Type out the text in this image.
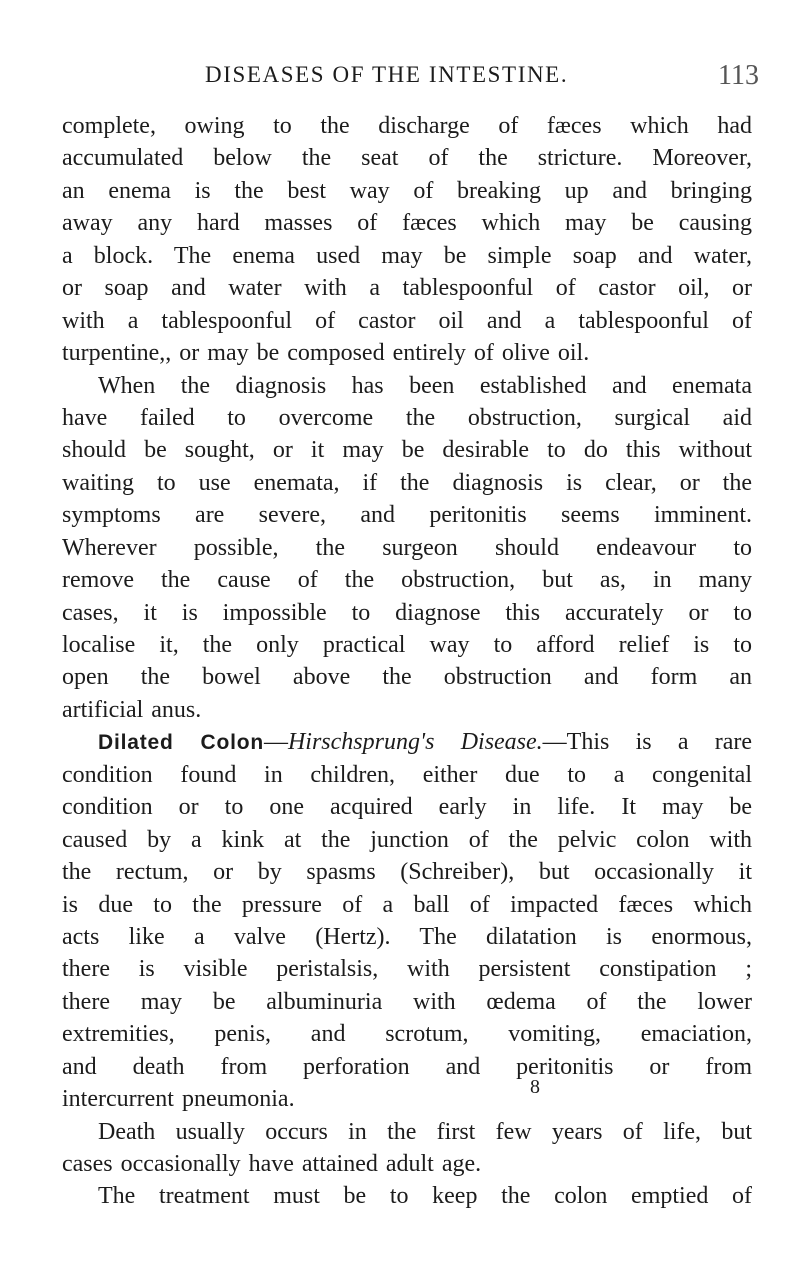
DISEASES OF THE INTESTINE.	113
complete, owing to the discharge of fæces which had
accumulated below the seat of the stricture. Moreover,
an enema is the best way of breaking up and bringing
away any hard masses of fæces which may be causing
a block. The enema used may be simple soap and water,
or soap and water with a tablespoonful of castor oil, or
with a tablespoonful of castor oil and a tablespoonful of
turpentine,, or may be composed entirely of olive oil.
When the diagnosis has been established and enemata
have failed to overcome the obstruction, surgical aid
should be sought, or it may be desirable to do this without
waiting to use enemata, if the diagnosis is clear, or the
symptoms are severe, and peritonitis seems imminent.
Wherever possible, the surgeon should endeavour to
remove the cause of the obstruction, but as, in many
cases, it is impossible to diagnose this accurately or to
localise it, the only practical way to afford relief is to
open the bowel above the obstruction and form an
artificial anus.
Dilated Colon—Hirschsprung's Disease.—This is a rare
condition found in children, either due to a congenital
condition or to one acquired early in life. It may be
caused by a kink at the junction of the pelvic colon with
the rectum, or by spasms (Schreiber), but occasionally it
is due to the pressure of a ball of impacted fæces which
acts like a valve (Hertz). The dilatation is enormous,
there is visible peristalsis, with persistent constipation ;
there may be albuminuria with œdema of the lower
extremities, penis, and scrotum, vomiting, emaciation,
and death from perforation and peritonitis or from
intercurrent pneumonia.
Death usually occurs in the first few years of life, but
cases occasionally have attained adult age.
The treatment must be to keep the colon emptied of
8
